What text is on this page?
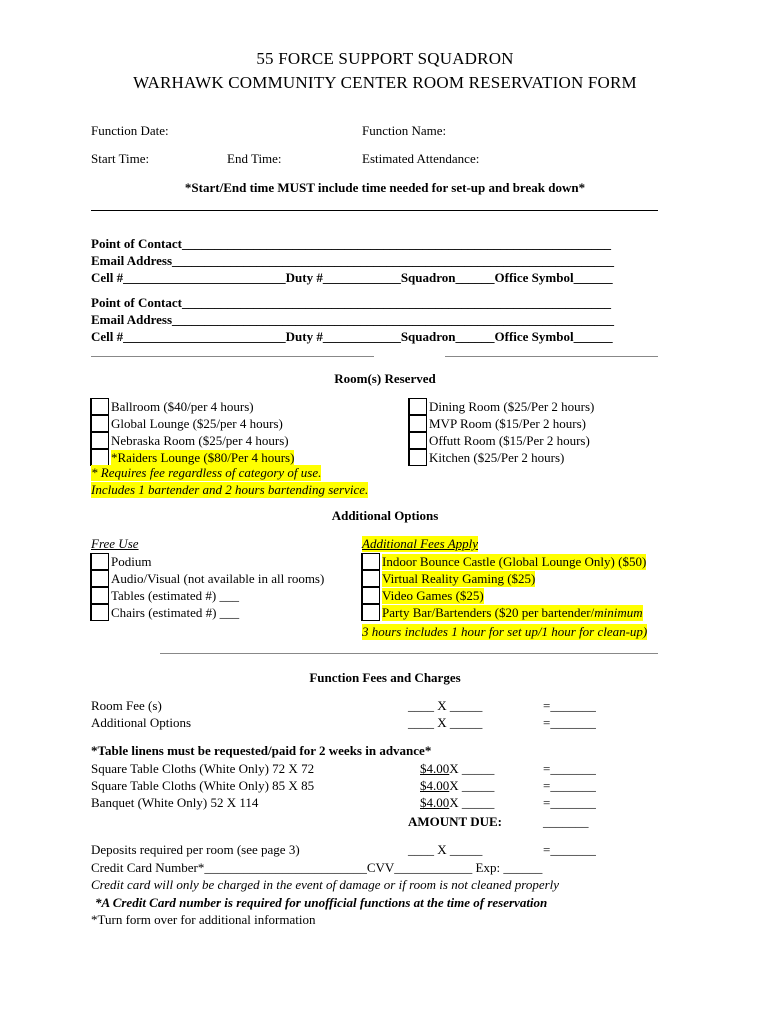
55 FORCE SUPPORT SQUADRON
WARHAWK COMMUNITY CENTER ROOM RESERVATION FORM
Function Date:	Function Name:
Start Time:	End Time:	Estimated Attendance:
*Start/End time MUST include time needed for set-up and break down*
Point of Contact__________________________________________________________________
Email Address____________________________________________________________________
Cell #_________________________Duty #____________Squadron______Office Symbol______
Point of Contact__________________________________________________________________
Email Address____________________________________________________________________
Cell #_________________________Duty #____________Squadron______Office Symbol______
Room(s) Reserved
Ballroom ($40/per 4 hours)
Global Lounge ($25/per 4 hours)
Nebraska Room ($25/per 4 hours)
*Raiders Lounge ($80/Per 4 hours)
Dining Room ($25/Per 2 hours)
MVP Room ($15/Per 2 hours)
Offutt Room ($15/Per 2 hours)
Kitchen ($25/Per 2 hours)
* Requires fee regardless of category of use.
Includes 1 bartender and 2 hours bartending service.
Additional Options
Free Use
Podium
Audio/Visual (not available in all rooms)
Tables (estimated #) ___
Chairs (estimated #) ___
Additional Fees Apply
Indoor Bounce Castle (Global Lounge Only) ($50)
Virtual Reality Gaming ($25)
Video Games ($25)
Party Bar/Bartenders ($20 per bartender/minimum
3 hours includes 1 hour for set up/1 hour for clean-up)
Function Fees and Charges
Room Fee (s)	____ X _____	=_______
Additional Options	____ X _____	=_______
*Table linens must be requested/paid for 2 weeks in advance*
Square Table Cloths (White Only) 72 X 72	$4.00X _____	=_______
Square Table Cloths (White Only) 85 X 85	$4.00X _____	=_______
Banquet (White Only) 52 X 114	$4.00X _____	=_______
AMOUNT DUE:	_______
Deposits required per room (see page 3)	____ X _____	=_______
Credit Card Number*_________________________CVV____________ Exp: ______
Credit card will only be charged in the event of damage or if room is not cleaned properly
*A Credit Card number is required for unofficial functions at the time of reservation
*Turn form over for additional information
